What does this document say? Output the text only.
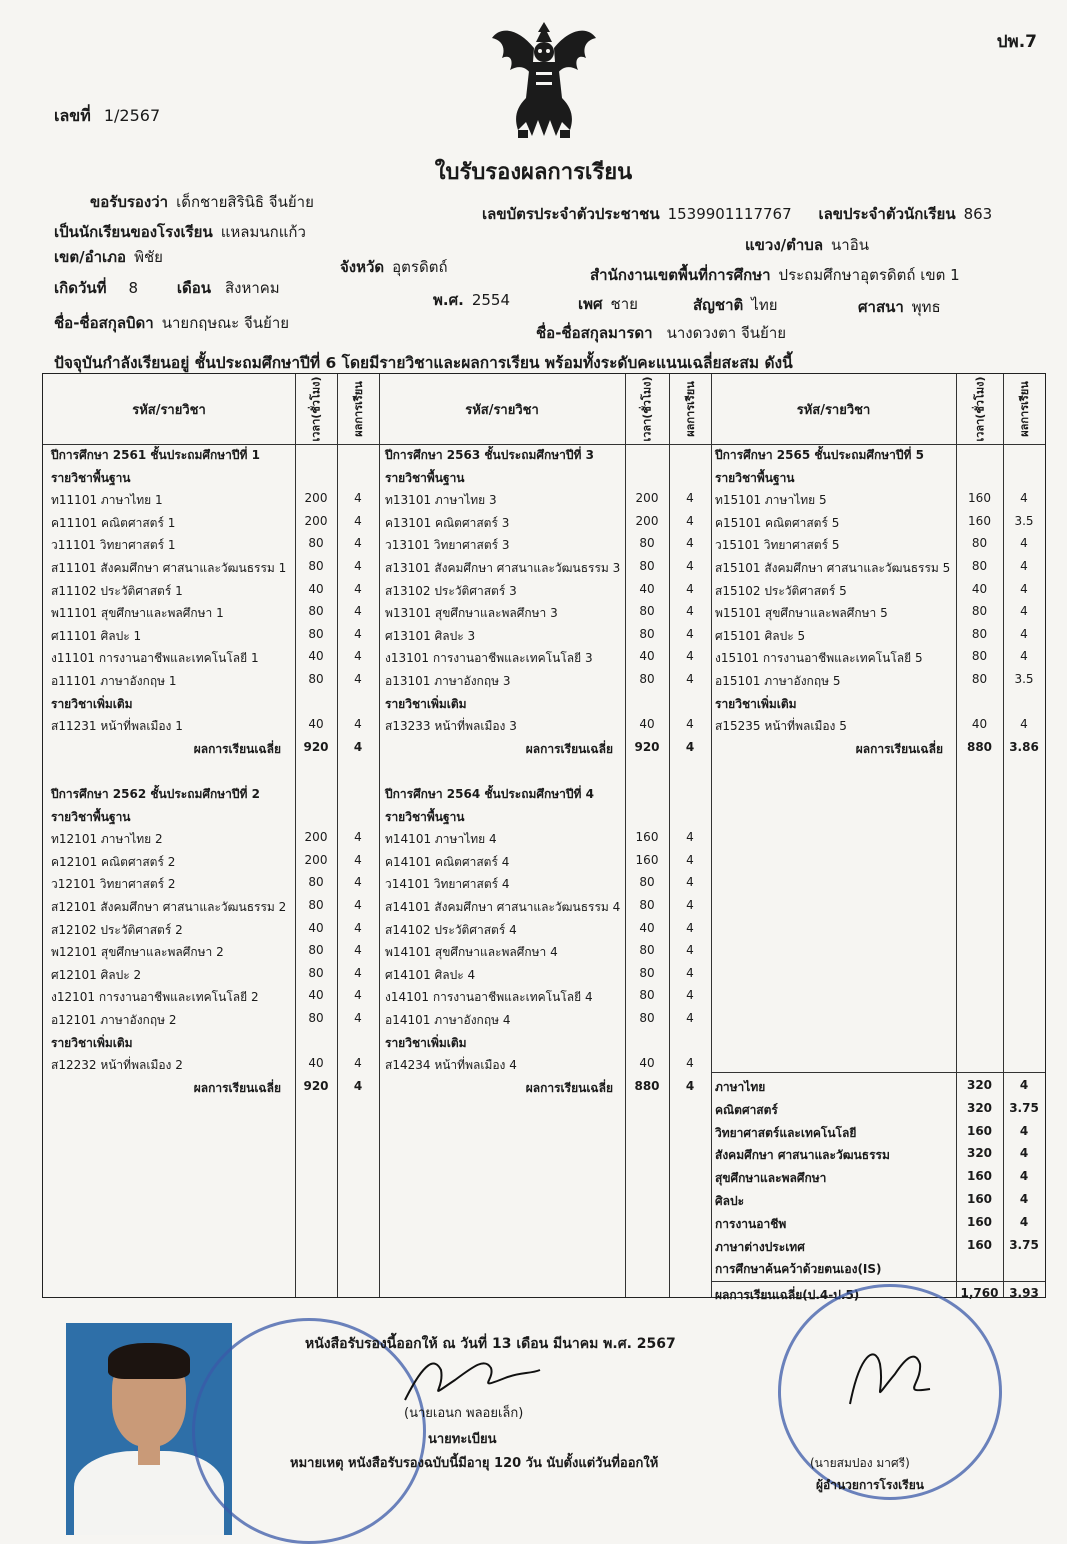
ปพ.7
เลขที่ 1/2567
ใบรับรองผลการเรียน
ขอรับรองว่า เด็กชายสิรินิธิ จีนย้าย
เลขบัตรประจำตัวประชาชน 1539901117767 เลขประจำตัวนักเรียน 863
เป็นนักเรียนของโรงเรียน แหลมนกแก้ว
แขวง/ตำบล นาอิน
เขต/อำเภอ พิชัย
จังหวัด อุตรดิตถ์	สำนักงานเขตพื้นที่การศึกษา ประถมศึกษาอุตรดิตถ์ เขต 1
เกิดวันที่ 8	เดือน สิงหาคม
พ.ศ. 2554	เพศ ชาย	สัญชาติ ไทย	ศาสนา พุทธ
ชื่อ-ชื่อสกุลบิดา นายกฤษณะ จีนย้าย
ชื่อ-ชื่อสกุลมารดา นางดวงตา จีนย้าย
ปัจจุบันกำลังเรียนอยู่ ชั้นประถมศึกษาปีที่ 6 โดยมีรายวิชาและผลการเรียน พร้อมทั้งระดับคะแนนเฉลี่ยสะสม ดังนี้
รหัส/รายวิชา	เวลา(ชั่วโมง)	ผลการเรียน	รหัส/รายวิชา	เวลา(ชั่วโมง)	ผลการเรียน	รหัส/รายวิชา	เวลา(ชั่วโมง)	ผลการเรียน
ปีการศึกษา 2561 ชั้นประถมศึกษาปีที่ 1
รายวิชาพื้นฐาน
ท11101 ภาษาไทย 1	200	4
ค11101 คณิตศาสตร์ 1	200	4
ว11101 วิทยาศาสตร์ 1	80	4
ส11101 สังคมศึกษา ศาสนาและวัฒนธรรม 1	80	4
ส11102 ประวัติศาสตร์ 1	40	4
พ11101 สุขศึกษาและพลศึกษา 1	80	4
ศ11101 ศิลปะ 1	80	4
ง11101 การงานอาชีพและเทคโนโลยี 1	40	4
อ11101 ภาษาอังกฤษ 1	80	4
รายวิชาเพิ่มเติม
ส11231 หน้าที่พลเมือง 1	40	4
ผลการเรียนเฉลี่ย	920	4
ปีการศึกษา 2562 ชั้นประถมศึกษาปีที่ 2
รายวิชาพื้นฐาน
ท12101 ภาษาไทย 2	200	4
ค12101 คณิตศาสตร์ 2	200	4
ว12101 วิทยาศาสตร์ 2	80	4
ส12101 สังคมศึกษา ศาสนาและวัฒนธรรม 2	80	4
ส12102 ประวัติศาสตร์ 2	40	4
พ12101 สุขศึกษาและพลศึกษา 2	80	4
ศ12101 ศิลปะ 2	80	4
ง12101 การงานอาชีพและเทคโนโลยี 2	40	4
อ12101 ภาษาอังกฤษ 2	80	4
รายวิชาเพิ่มเติม
ส12232 หน้าที่พลเมือง 2	40	4
ผลการเรียนเฉลี่ย	920	4
ปีการศึกษา 2563 ชั้นประถมศึกษาปีที่ 3
รายวิชาพื้นฐาน
ท13101 ภาษาไทย 3	200	4
ค13101 คณิตศาสตร์ 3	200	4
ว13101 วิทยาศาสตร์ 3	80	4
ส13101 สังคมศึกษา ศาสนาและวัฒนธรรม 3	80	4
ส13102 ประวัติศาสตร์ 3	40	4
พ13101 สุขศึกษาและพลศึกษา 3	80	4
ศ13101 ศิลปะ 3	80	4
ง13101 การงานอาชีพและเทคโนโลยี 3	40	4
อ13101 ภาษาอังกฤษ 3	80	4
รายวิชาเพิ่มเติม
ส13233 หน้าที่พลเมือง 3	40	4
ผลการเรียนเฉลี่ย	920	4
ปีการศึกษา 2564 ชั้นประถมศึกษาปีที่ 4
รายวิชาพื้นฐาน
ท14101 ภาษาไทย 4	160	4
ค14101 คณิตศาสตร์ 4	160	4
ว14101 วิทยาศาสตร์ 4	80	4
ส14101 สังคมศึกษา ศาสนาและวัฒนธรรม 4	80	4
ส14102 ประวัติศาสตร์ 4	40	4
พ14101 สุขศึกษาและพลศึกษา 4	80	4
ศ14101 ศิลปะ 4	80	4
ง14101 การงานอาชีพและเทคโนโลยี 4	80	4
อ14101 ภาษาอังกฤษ 4	80	4
รายวิชาเพิ่มเติม
ส14234 หน้าที่พลเมือง 4	40	4
ผลการเรียนเฉลี่ย	880	4
ปีการศึกษา 2565 ชั้นประถมศึกษาปีที่ 5
รายวิชาพื้นฐาน
ท15101 ภาษาไทย 5	160	4
ค15101 คณิตศาสตร์ 5	160	3.5
ว15101 วิทยาศาสตร์ 5	80	4
ส15101 สังคมศึกษา ศาสนาและวัฒนธรรม 5	80	4
ส15102 ประวัติศาสตร์ 5	40	4
พ15101 สุขศึกษาและพลศึกษา 5	80	4
ศ15101 ศิลปะ 5	80	4
ง15101 การงานอาชีพและเทคโนโลยี 5	80	4
อ15101 ภาษาอังกฤษ 5	80	3.5
รายวิชาเพิ่มเติม
ส15235 หน้าที่พลเมือง 5	40	4
ผลการเรียนเฉลี่ย	880	3.86
ภาษาไทย	320	4
คณิตศาสตร์	320	3.75
วิทยาศาสตร์และเทคโนโลยี	160	4
สังคมศึกษา ศาสนาและวัฒนธรรม	320	4
สุขศึกษาและพลศึกษา	160	4
ศิลปะ	160	4
การงานอาชีพ	160	4
ภาษาต่างประเทศ	160	3.75
การศึกษาค้นคว้าด้วยตนเอง(IS)
ผลการเรียนเฉลี่ย(ป.4-ป.5)	1,760 3.93
หนังสือรับรองนี้ออกให้ ณ วันที่ 13 เดือน มีนาคม พ.ศ. 2567
(นายเอนก พลอยเล็ก)
นายทะเบียน
หมายเหตุ หนังสือรับรองฉบับนี้มีอายุ 120 วัน นับตั้งแต่วันที่ออกให้	(นายสมปอง มาศรี)
ผู้อำนวยการโรงเรียน
